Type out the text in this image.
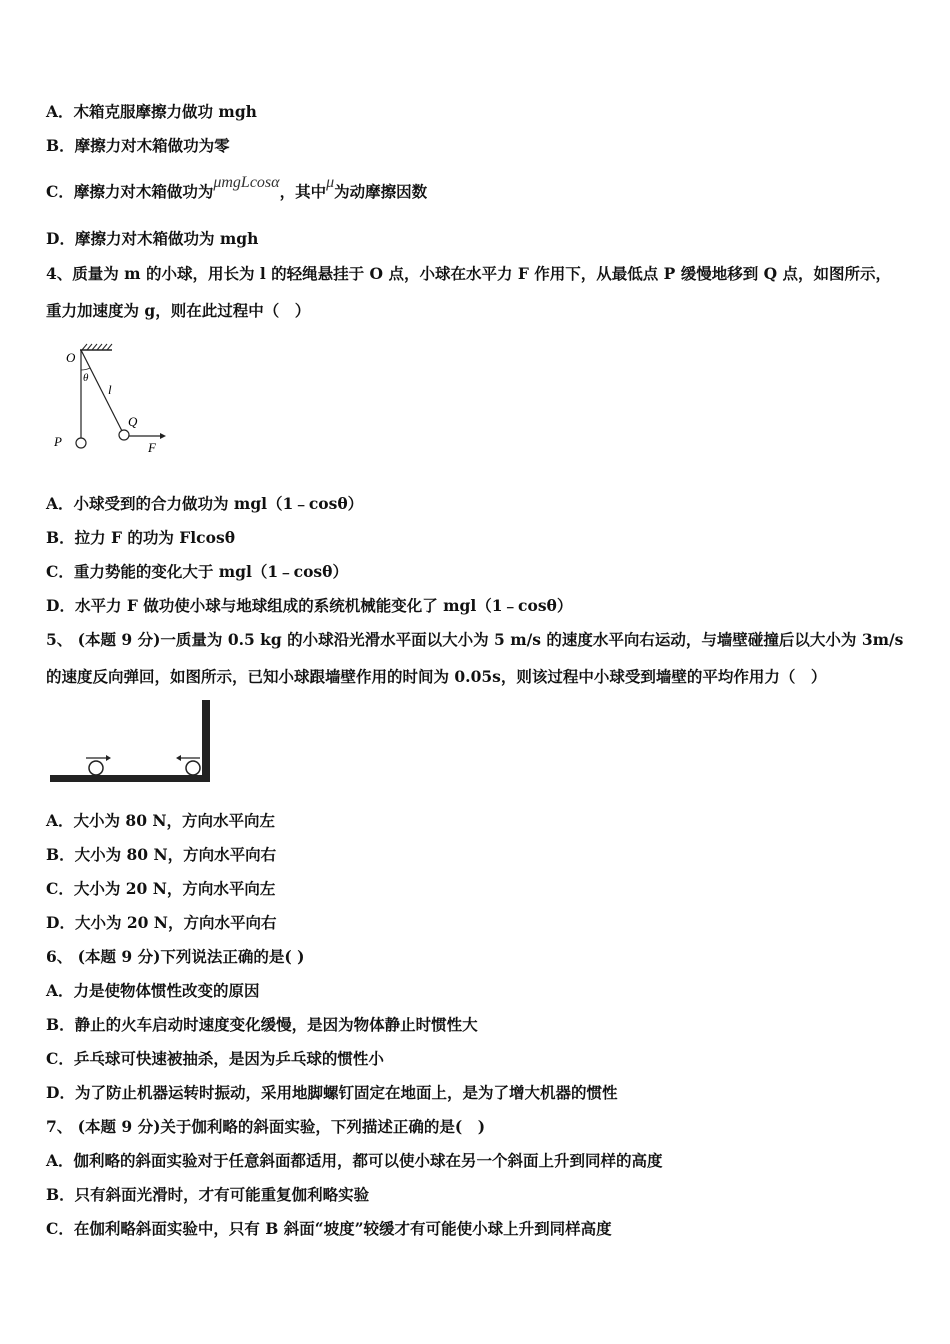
A．木箱克服摩擦力做功 mgh
B．摩擦力对木箱做功为零
C．摩擦力对木箱做功为μmgLcosα，其中μ为动摩擦因数
D．摩擦力对木箱做功为 mgh
4、质量为 m 的小球，用长为 l 的轻绳悬挂于 O 点，小球在水平力 F 作用下，从最低点 P 缓慢地移到 Q 点，如图所示，
重力加速度为 g，则在此过程中（　）
O
θ
l
Q
P	F
A．小球受到的合力做功为 mgl（1﹣cosθ）
B．拉力 F 的功为 Flcosθ
C．重力势能的变化大于 mgl（1﹣cosθ）
D．水平力 F 做功使小球与地球组成的系统机械能变化了 mgl（1﹣cosθ）
5、 (本题 9 分)一质量为 0.5 kg 的小球沿光滑水平面以大小为 5 m/s 的速度水平向右运动，与墙壁碰撞后以大小为 3m/s
的速度反向弹回，如图所示，已知小球跟墙壁作用的时间为 0.05s，则该过程中小球受到墙壁的平均作用力（　）
A．大小为 80 N，方向水平向左
B．大小为 80 N，方向水平向右
C．大小为 20 N，方向水平向左
D．大小为 20 N，方向水平向右
6、 (本题 9 分)下列说法正确的是( )
A．力是使物体惯性改变的原因
B．静止的火车启动时速度变化缓慢，是因为物体静止时惯性大
C．乒乓球可快速被抽杀，是因为乒乓球的惯性小
D．为了防止机器运转时振动，采用地脚螺钉固定在地面上，是为了增大机器的惯性
7、 (本题 9 分)关于伽利略的斜面实验，下列描述正确的是(　)
A．伽利略的斜面实验对于任意斜面都适用，都可以使小球在另一个斜面上升到同样的高度
B．只有斜面光滑时，才有可能重复伽利略实验
C．在伽利略斜面实验中，只有 B 斜面“坡度”较缓才有可能使小球上升到同样高度
